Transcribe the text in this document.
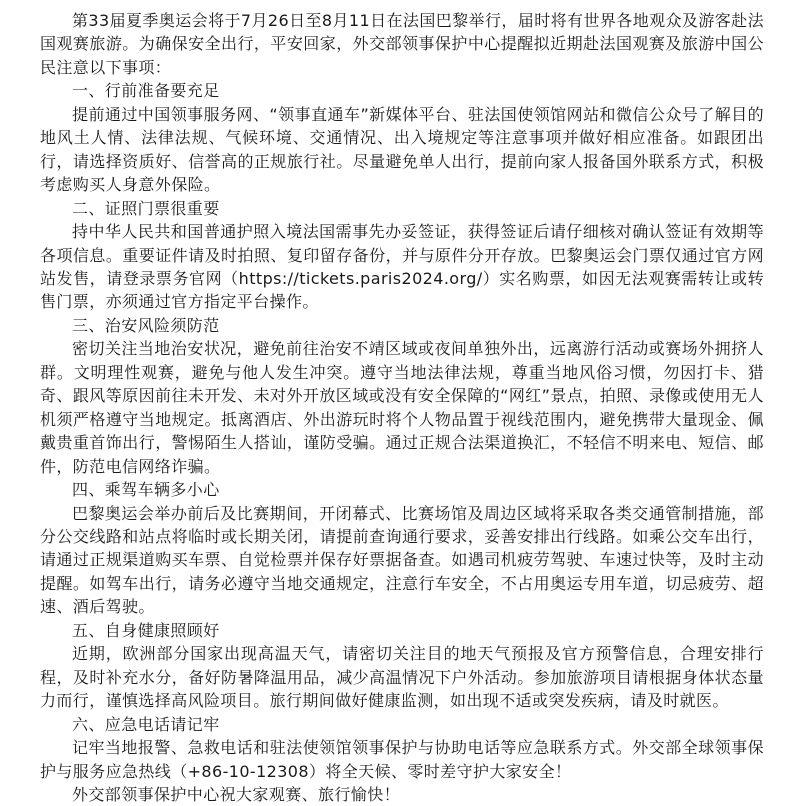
第33届夏季奥运会将于7月26日至8月11日在法国巴黎举行，届时将有世界各地观众及游客赴法国观赛旅游。为确保安全出行，平安回家，外交部领事保护中心提醒拟近期赴法国观赛及旅游中国公民注意以下事项：

一、行前准备要充足

提前通过中国领事服务网、“领事直通车”新媒体平台、驻法国使领馆网站和微信公众号了解目的地风土人情、法律法规、气候环境、交通情况、出入境规定等注意事项并做好相应准备。如跟团出行，请选择资质好、信誉高的正规旅行社。尽量避免单人出行，提前向家人报备国外联系方式，积极考虑购买人身意外保险。

二、证照门票很重要

持中华人民共和国普通护照入境法国需事先办妥签证，获得签证后请仔细核对确认签证有效期等各项信息。重要证件请及时拍照、复印留存备份，并与原件分开存放。巴黎奥运会门票仅通过官方网站发售，请登录票务官网（https://tickets.paris2024.org/）实名购票，如因无法观赛需转让或转售门票，亦须通过官方指定平台操作。

三、治安风险须防范

密切关注当地治安状况，避免前往治安不靖区域或夜间单独外出，远离游行活动或赛场外拥挤人群。文明理性观赛，避免与他人发生冲突。遵守当地法律法规，尊重当地风俗习惯，勿因打卡、猎奇、跟风等原因前往未开发、未对外开放区域或没有安全保障的“网红”景点，拍照、录像或使用无人机须严格遵守当地规定。抵离酒店、外出游玩时将个人物品置于视线范围内，避免携带大量现金、佩戴贵重首饰出行，警惕陌生人搭讪，谨防受骗。通过正规合法渠道换汇，不轻信不明来电、短信、邮件，防范电信网络诈骗。

四、乘驾车辆多小心

巴黎奥运会举办前后及比赛期间，开闭幕式、比赛场馆及周边区域将采取各类交通管制措施，部分公交线路和站点将临时或长期关闭，请提前查询通行要求，妥善安排出行线路。如乘公交车出行，请通过正规渠道购买车票、自觉检票并保存好票据备查。如遇司机疲劳驾驶、车速过快等，及时主动提醒。如驾车出行，请务必遵守当地交通规定，注意行车安全，不占用奥运专用车道，切忌疲劳、超速、酒后驾驶。

五、自身健康照顾好

近期，欧洲部分国家出现高温天气，请密切关注目的地天气预报及官方预警信息，合理安排行程，及时补充水分，备好防暑降温用品，减少高温情况下户外活动。参加旅游项目请根据身体状态量力而行，谨慎选择高风险项目。旅行期间做好健康监测，如出现不适或突发疾病，请及时就医。

六、应急电话请记牢

记牢当地报警、急救电话和驻法使领馆领事保护与协助电话等应急联系方式。外交部全球领事保护与服务应急热线（+86-10-12308）将全天候、零时差守护大家安全！

外交部领事保护中心祝大家观赛、旅行愉快！
